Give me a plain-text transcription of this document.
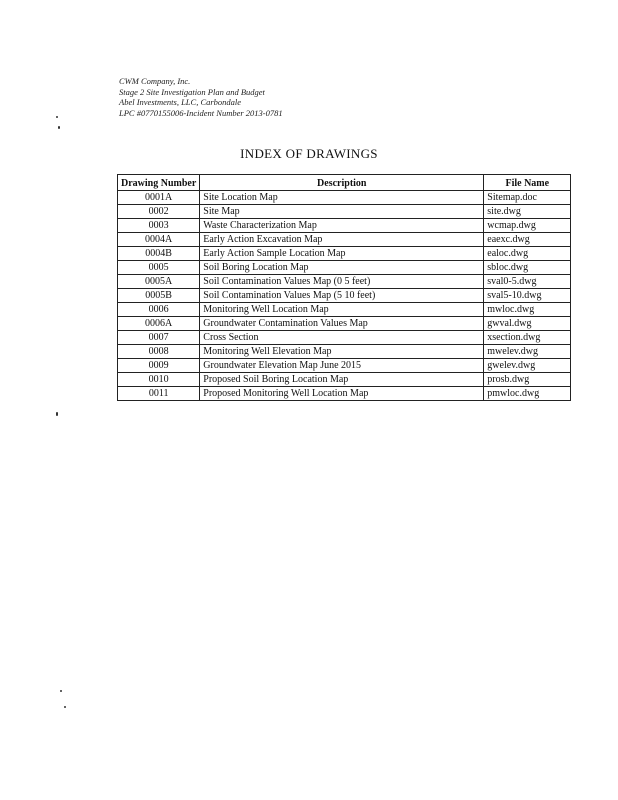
CWM Company, Inc.
Stage 2 Site Investigation Plan and Budget
Abel Investments, LLC, Carbondale
LPC #0770155006-Incident Number 2013-0781
INDEX OF DRAWINGS
Drawing Number	Description	File Name
0001A	Site Location Map	Sitemap.doc
0002	Site Map	site.dwg
0003	Waste Characterization Map	wcmap.dwg
0004A	Early Action Excavation Map	eaexc.dwg
0004B	Early Action Sample Location Map	ealoc.dwg
0005	Soil Boring Location Map	sbloc.dwg
0005A	Soil Contamination Values Map (0 5 feet)	sval0-5.dwg
0005B	Soil Contamination Values Map (5 10 feet)	sval5-10.dwg
0006	Monitoring Well Location Map	mwloc.dwg
0006A	Groundwater Contamination Values Map	gwval.dwg
0007	Cross Section	xsection.dwg
0008	Monitoring Well Elevation Map	mwelev.dwg
0009	Groundwater Elevation Map June 2015	gwelev.dwg
0010	Proposed Soil Boring Location Map	prosb.dwg
0011	Proposed Monitoring Well Location Map	pmwloc.dwg
